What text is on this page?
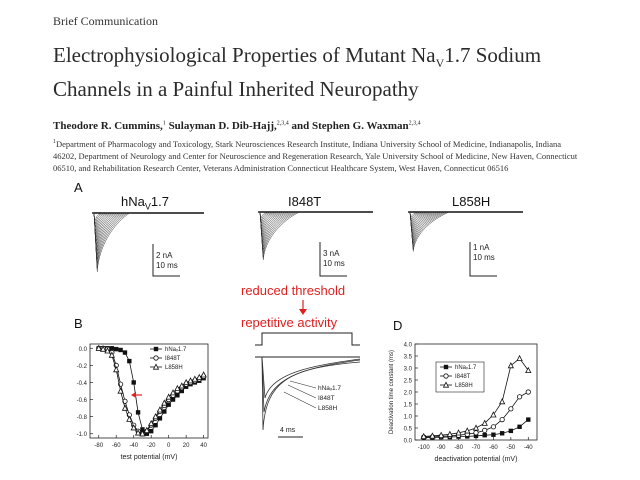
Brief Communication
Electrophysiological Properties of Mutant $Na_V1.7$ Sodium
Channels in a Painful Inherited Neuropathy
Theodore R. Cummins,$^1$ Sulayman D. Dib-Hajj,$^{2,3,4}$ and Stephen G. Waxman$^{2,3,4}$
$^1$Department of Pharmacology and Toxicology, Stark Neurosciences Research Institute, Indiana University School of Medicine, Indianapolis, Indiana
46202, Department of Neurology and Center for Neuroscience and Regeneration Research, Yale University School of Medicine, New Haven, Connecticut
06510, and Rehabilitation Research Center, Veterans Administration Connecticut Healthcare System, West Haven, Connecticut 06516
A
B	D
hNa$_V$1.7	I848T	L858H
reduced threshold
repetitive activity
2 nA
10 ms
3 nA
10 ms
1 nA
10 ms
hNaᵥ1.7
I848T
L858H
4 ms
-80 -60 -40 -20 0 20 40
0.0
-0.2
-0.4
-0.6
-0.8
-1.0
test potential (mV)
hNaᵥ1.7
I848T
L858H
-100 -90 -80 -70 -60 -50 -40
0.0
0.5
1.0
1.5
2.0
2.5
3.0
3.5
4.0
deactivation potential (mV)
Deactivation time constant (ms)	hNaᵥ1.7
I848T
L858H
